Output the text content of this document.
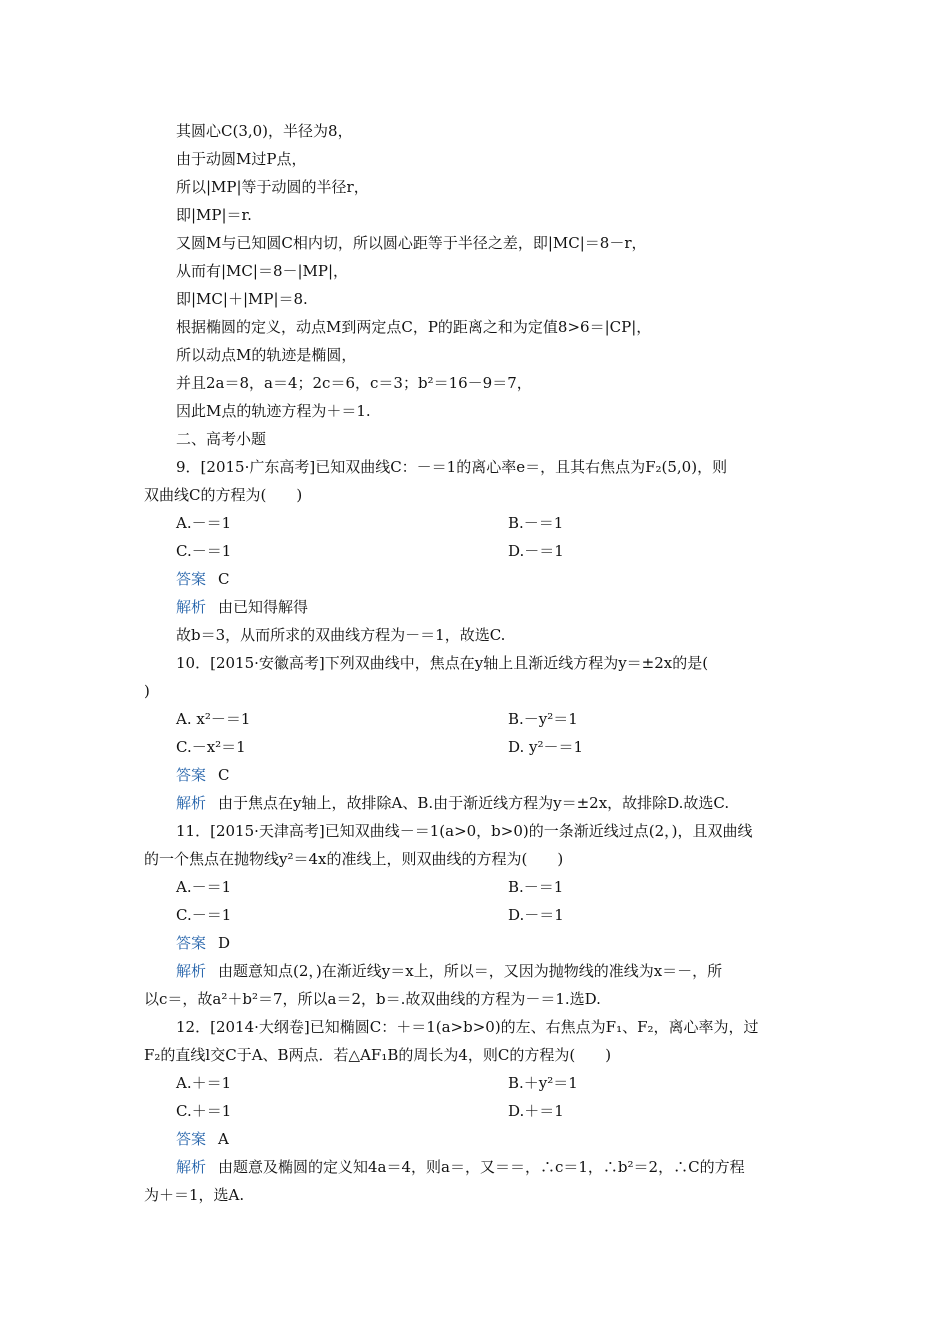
其圆心C(3,0)，半径为8，
由于动圆M过P点，
所以|MP|等于动圆的半径r，
即|MP|＝r.
又圆M与已知圆C相内切，所以圆心距等于半径之差，即|MC|＝8－r，
从而有|MC|＝8－|MP|，
即|MC|＋|MP|＝8.
根据椭圆的定义，动点M到两定点C，P的距离之和为定值8>6＝|CP|，
所以动点M的轨迹是椭圆，
并且2a＝8，a＝4；2c＝6，c＝3；b²＝16－9＝7，
因此M点的轨迹方程为＋＝1.
二、高考小题
9．[2015·广东高考]已知双曲线C：－＝1的离心率e＝，且其右焦点为F₂(5,0)，则
双曲线C的方程为(　　)
A.－＝1	B.－＝1
C.－＝1	D.－＝1
答案 C
解析 由已知得解得
故b＝3，从而所求的双曲线方程为－＝1，故选C.
10．[2015·安徽高考]下列双曲线中，焦点在y轴上且渐近线方程为y＝±2x的是(
)
A. x²－＝1	B.－y²＝1
C.－x²＝1	D. y²－＝1
答案 C
解析 由于焦点在y轴上，故排除A、B.由于渐近线方程为y＝±2x，故排除D.故选C.
11．[2015·天津高考]已知双曲线－＝1(a>0，b>0)的一条渐近线过点(2，)，且双曲线
的一个焦点在抛物线y²＝4x的准线上，则双曲线的方程为(　　)
A.－＝1	B.－＝1
C.－＝1	D.－＝1
答案 D
解析 由题意知点(2，)在渐近线y＝x上，所以＝，又因为抛物线的准线为x＝－，所
以c＝，故a²＋b²＝7，所以a＝2，b＝.故双曲线的方程为－＝1.选D.
12．[2014·大纲卷]已知椭圆C：＋＝1(a>b>0)的左、右焦点为F₁、F₂，离心率为，过
F₂的直线l交C于A、B两点．若△AF₁B的周长为4，则C的方程为(　　)
A.＋＝1	B.＋y²＝1
C.＋＝1	D.＋＝1
答案 A
解析 由题意及椭圆的定义知4a＝4，则a＝，又＝＝，∴c＝1，∴b²＝2，∴C的方程
为＋＝1，选A.
